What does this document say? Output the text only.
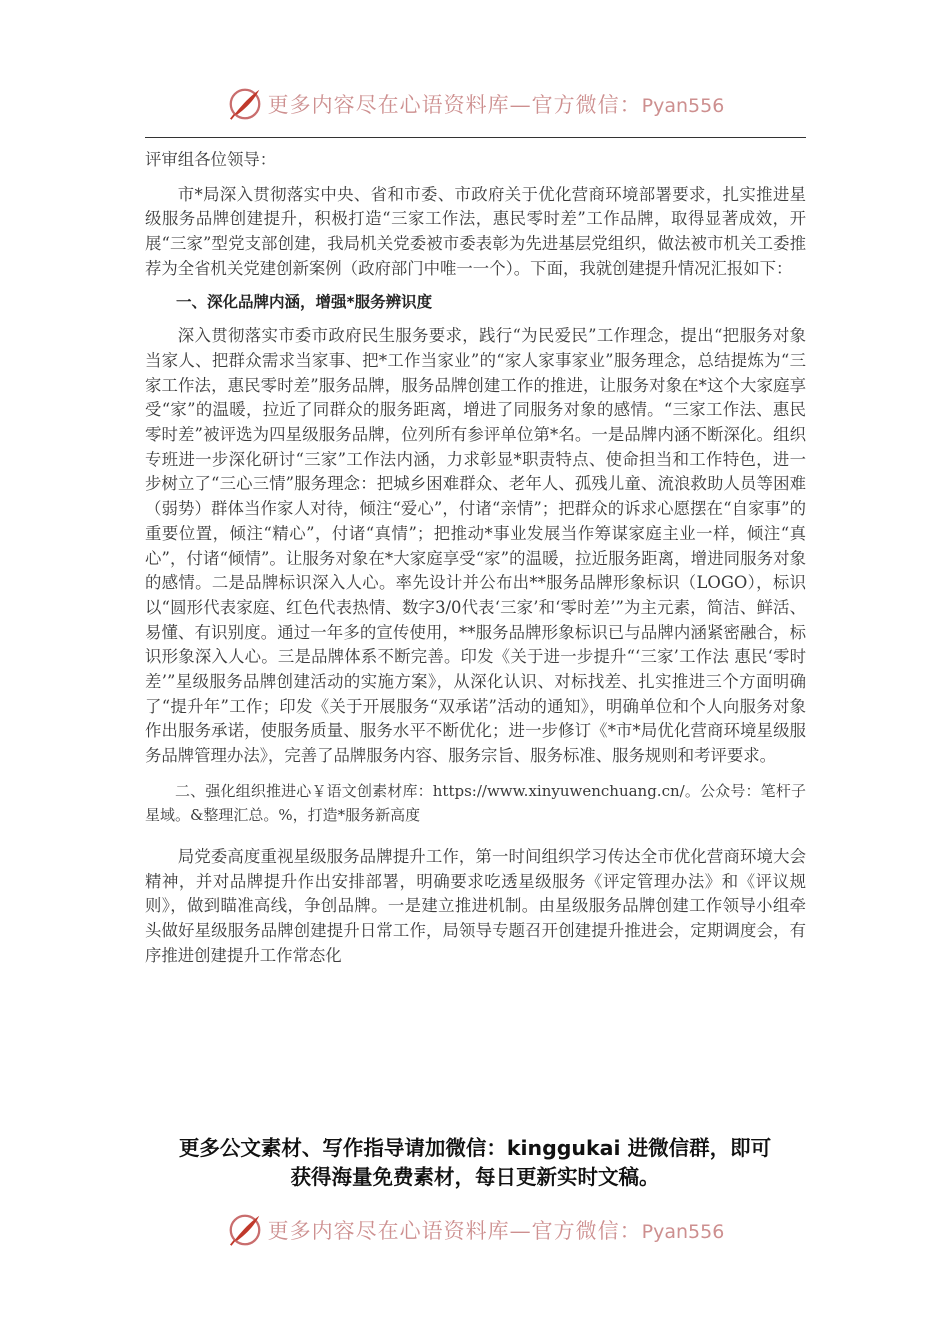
更多内容尽在心语资料库—官方微信：Pyan556

评审组各位领导：

市*局深入贯彻落实中央、省和市委、市政府关于优化营商环境部署要求，扎实推进星级服务品牌创建提升，积极打造“三家工作法，惠民零时差”工作品牌，取得显著成效，开展“三家”型党支部创建，我局机关党委被市委表彰为先进基层党组织，做法被市机关工委推荐为全省机关党建创新案例（政府部门中唯一一个）。下面，我就创建提升情况汇报如下：

一、深化品牌内涵，增强*服务辨识度

深入贯彻落实市委市政府民生服务要求，践行“为民爱民”工作理念，提出“把服务对象当家人、把群众需求当家事、把*工作当家业”的“家人家事家业”服务理念，总结提炼为“三家工作法，惠民零时差”服务品牌，服务品牌创建工作的推进，让服务对象在*这个大家庭享受“家”的温暖，拉近了同群众的服务距离，增进了同服务对象的感情。“三家工作法、惠民零时差”被评选为四星级服务品牌，位列所有参评单位第*名。一是品牌内涵不断深化。组织专班进一步深化研讨“三家”工作法内涵，力求彰显*职责特点、使命担当和工作特色，进一步树立了“三心三情”服务理念：把城乡困难群众、老年人、孤残儿童、流浪救助人员等困难（弱势）群体当作家人对待，倾注“爱心”，付诸“亲情”；把群众的诉求心愿摆在“自家事”的重要位置，倾注“精心”，付诸“真情”；把推动*事业发展当作筹谋家庭主业一样，倾注“真心”，付诸“倾情”。让服务对象在*大家庭享受“家”的温暖，拉近服务距离，增进同服务对象的感情。二是品牌标识深入人心。率先设计并公布出**服务品牌形象标识（LOGO），标识以“圆形代表家庭、红色代表热情、数字3/0代表‘三家’和‘零时差’”为主元素，简洁、鲜活、易懂、有识别度。通过一年多的宣传使用，**服务品牌形象标识已与品牌内涵紧密融合，标识形象深入人心。三是品牌体系不断完善。印发《关于进一步提升“‘三家’工作法 惠民‘零时差’”星级服务品牌创建活动的实施方案》，从深化认识、对标找差、扎实推进三个方面明确了“提升年”工作；印发《关于开展服务“双承诺”活动的通知》，明确单位和个人向服务对象作出服务承诺，使服务质量、服务水平不断优化；进一步修订《*市*局优化营商环境星级服务品牌管理办法》，完善了品牌服务内容、服务宗旨、服务标准、服务规则和考评要求。

二、强化组织推进心￥语文创素材库：https://www.xinyuwenchuang.cn/。公众号：笔杆子星域。&整理汇总。%，打造*服务新高度

局党委高度重视星级服务品牌提升工作，第一时间组织学习传达全市优化营商环境大会精神，并对品牌提升作出安排部署，明确要求吃透星级服务《评定管理办法》和《评议规则》，做到瞄准高线，争创品牌。一是建立推进机制。由星级服务品牌创建工作领导小组牵头做好星级服务品牌创建提升日常工作，局领导专题召开创建提升推进会，定期调度会，有序推进创建提升工作常态化

更多公文素材、写作指导请加微信：kinggukai 进微信群，即可
获得海量免费素材，每日更新实时文稿。
更多内容尽在心语资料库—官方微信：Pyan556
